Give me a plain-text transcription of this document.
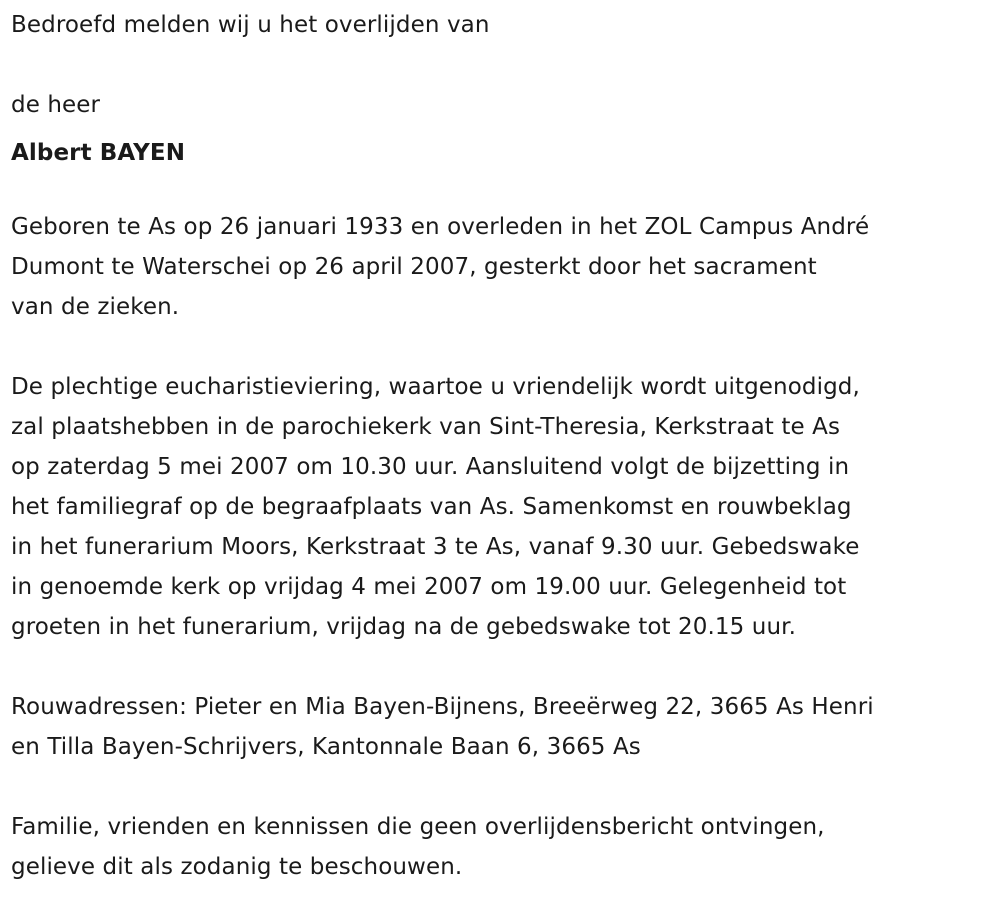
Bedroefd melden wij u het overlijden van
de heer
Albert BAYEN
Geboren te As op 26 januari 1933 en overleden in het ZOL Campus André
Dumont te Waterschei op 26 april 2007, gesterkt door het sacrament
van de zieken.
De plechtige eucharistieviering, waartoe u vriendelijk wordt uitgenodigd,
zal plaatshebben in de parochiekerk van Sint-Theresia, Kerkstraat te As
op zaterdag 5 mei 2007 om 10.30 uur. Aansluitend volgt de bijzetting in
het familiegraf op de begraafplaats van As. Samenkomst en rouwbeklag
in het funerarium Moors, Kerkstraat 3 te As, vanaf 9.30 uur. Gebedswake
in genoemde kerk op vrijdag 4 mei 2007 om 19.00 uur. Gelegenheid tot
groeten in het funerarium, vrijdag na de gebedswake tot 20.15 uur.
Rouwadressen: Pieter en Mia Bayen-Bijnens, Breeërweg 22, 3665 As Henri
en Tilla Bayen-Schrijvers, Kantonnale Baan 6, 3665 As
Familie, vrienden en kennissen die geen overlijdensbericht ontvingen,
gelieve dit als zodanig te beschouwen.
